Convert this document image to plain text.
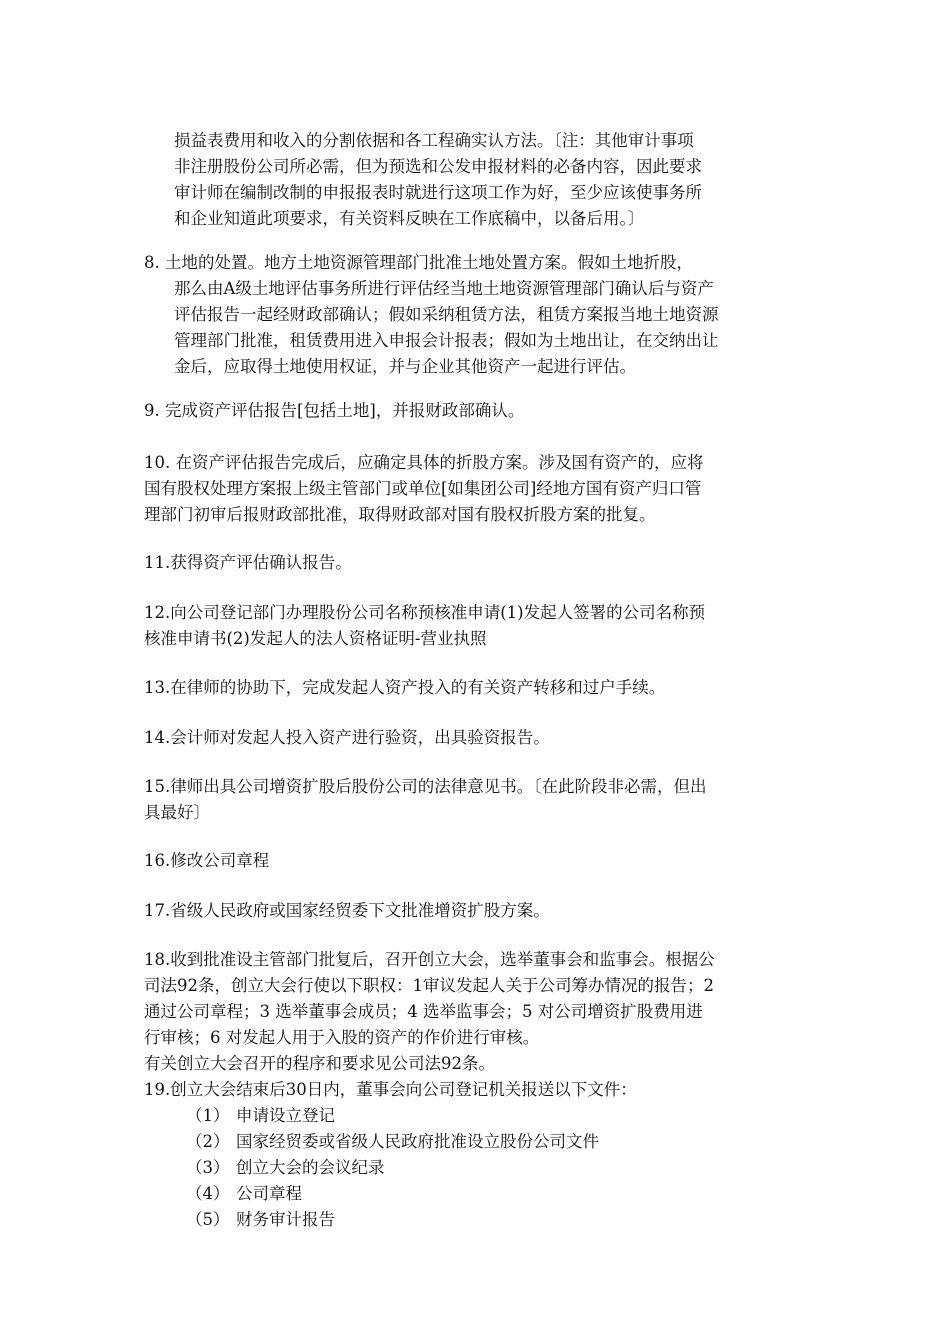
损益表费用和收入的分割依据和各工程确实认方法。〔注：其他审计事项
非注册股份公司所必需，但为预选和公发申报材料的必备内容，因此要求
审计师在编制改制的申报报表时就进行这项工作为好，至少应该使事务所
和企业知道此项要求，有关资料反映在工作底稿中，以备后用。〕
8. 土地的处置。地方土地资源管理部门批准土地处置方案。假如土地折股，
那么由A级土地评估事务所进行评估经当地土地资源管理部门确认后与资产
评估报告一起经财政部确认；假如采纳租赁方法，租赁方案报当地土地资源
管理部门批准，租赁费用进入申报会计报表；假如为土地出让，在交纳出让
金后，应取得土地使用权证，并与企业其他资产一起进行评估。
9. 完成资产评估报告[包括土地]，并报财政部确认。
10. 在资产评估报告完成后，应确定具体的折股方案。涉及国有资产的，应将
国有股权处理方案报上级主管部门或单位[如集团公司]经地方国有资产归口管
理部门初审后报财政部批准，取得财政部对国有股权折股方案的批复。
11.获得资产评估确认报告。
12.向公司登记部门办理股份公司名称预核准申请(1)发起人签署的公司名称预
核准申请书(2)发起人的法人资格证明-营业执照
13.在律师的协助下，完成发起人资产投入的有关资产转移和过户手续。
14.会计师对发起人投入资产进行验资，出具验资报告。
15.律师出具公司增资扩股后股份公司的法律意见书。〔在此阶段非必需，但出
具最好〕
16.修改公司章程
17.省级人民政府或国家经贸委下文批准增资扩股方案。
18.收到批准设主管部门批复后，召开创立大会，选举董事会和监事会。根据公
司法92条，创立大会行使以下职权：1审议发起人关于公司筹办情况的报告；2
通过公司章程；3 选举董事会成员；4 选举监事会；5 对公司增资扩股费用进
行审核；6 对发起人用于入股的资产的作价进行审核。
有关创立大会召开的程序和要求见公司法92条。
19.创立大会结束后30日内，董事会向公司登记机关报送以下文件：
（1） 申请设立登记
（2） 国家经贸委或省级人民政府批准设立股份公司文件
（3） 创立大会的会议纪录
（4） 公司章程
（5） 财务审计报告
